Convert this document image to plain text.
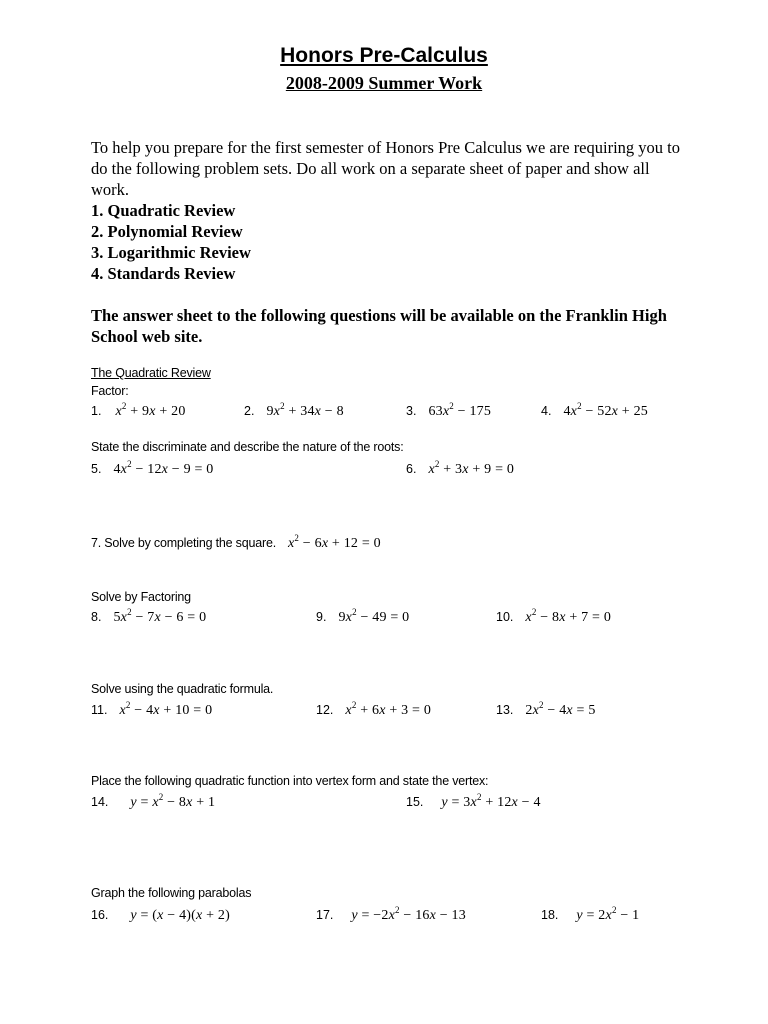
Honors Pre-Calculus
2008-2009 Summer Work
To help you prepare for the first semester of Honors Pre Calculus we are requiring you to
do the following problem sets. Do all work on a separate sheet of paper and show all
work.
1. Quadratic Review
2. Polynomial Review
3. Logarithmic Review
4. Standards Review
The answer sheet to the following questions will be available on the Franklin High
School web site.
The Quadratic Review
Factor:
1. $x^2 + 9x + 20$	2. $9x^2 + 34x - 8$	3. $63x^2 - 175$	4. $4x^2 - 52x + 25$
State the discriminate and describe the nature of the roots:
5. $4x^2 - 12x - 9 = 0$	6. $x^2 + 3x + 9 = 0$
7. Solve by completing the square. $x^2 - 6x + 12 = 0$
Solve by Factoring
8. $5x^2 - 7x - 6 = 0$	9. $9x^2 - 49 = 0$	10. $x^2 - 8x + 7 = 0$
Solve using the quadratic formula.
11. $x^2 - 4x + 10 = 0$	12. $x^2 + 6x + 3 = 0$	13. $2x^2 - 4x = 5$
Place the following quadratic function into vertex form and state the vertex:
14. $y = x^2 - 8x + 1$	15. $y = 3x^2 + 12x - 4$
Graph the following parabolas
16. y = (x − 4)(x + 2)	17. $y = -2x^2 - 16x - 13$	18. $y = 2x^2 - 1$
